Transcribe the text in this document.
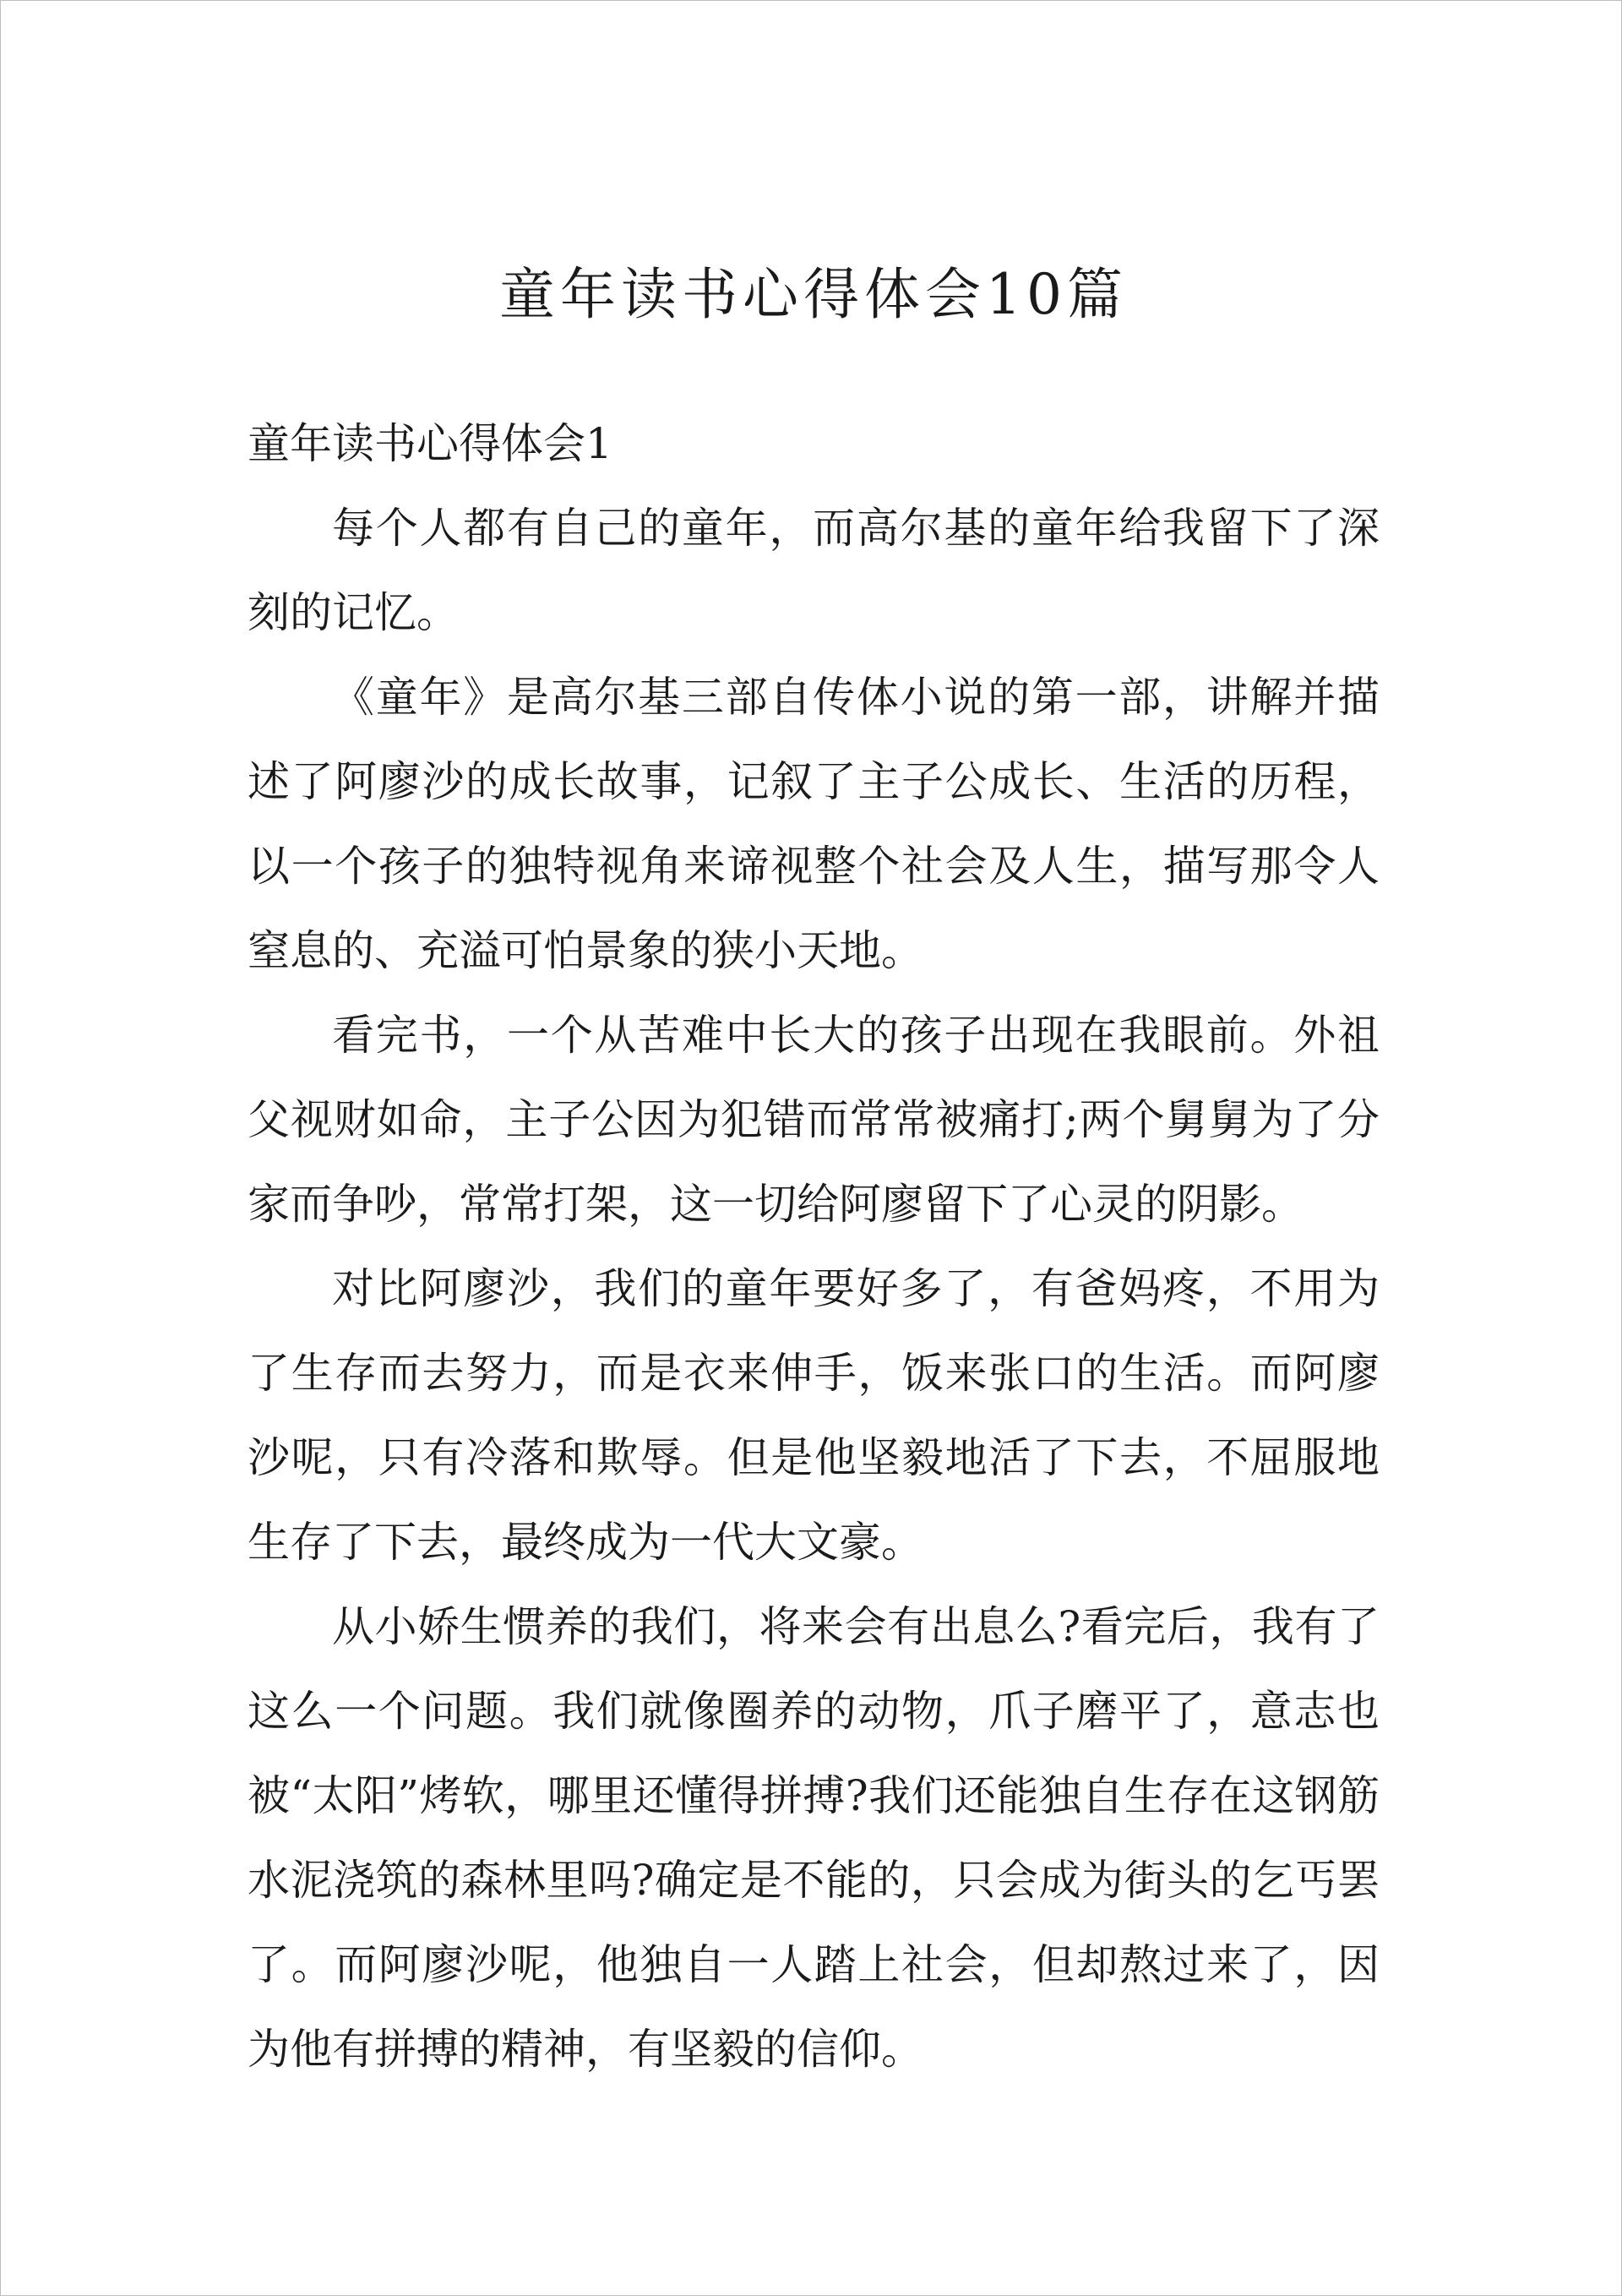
童年读书心得体会10篇

童年读书心得体会1

每个人都有自己的童年，而高尔基的童年给我留下了深刻的记忆。

《童年》是高尔基三部自传体小说的第一部，讲解并描述了阿廖沙的成长故事，记叙了主子公成长、生活的历程，以一个孩子的独特视角来谛视整个社会及人生，描写那令人窒息的、充溢可怕景象的狭小天地。

看完书，一个从苦难中长大的孩子出现在我眼前。外祖父视财如命，主子公因为犯错而常常被痛打;两个舅舅为了分家而争吵，常常打架，这一切给阿廖留下了心灵的阴影。

对比阿廖沙，我们的童年要好多了，有爸妈疼，不用为了生存而去努力，而是衣来伸手，饭来张口的生活。而阿廖沙呢，只有冷落和欺辱。但是他坚毅地活了下去，不屈服地生存了下去，最终成为一代大文豪。

从小娇生惯养的我们，将来会有出息么?看完后，我有了这么一个问题。我们就像圈养的动物，爪子磨平了，意志也被“太阳”烤软，哪里还懂得拼搏?我们还能独自生存在这钢筋水泥浇筑的森林里吗?确定是不能的，只会成为街头的乞丐罢了。而阿廖沙呢，他独自一人踏上社会，但却熬过来了，因为他有拼搏的精神，有坚毅的信仰。
